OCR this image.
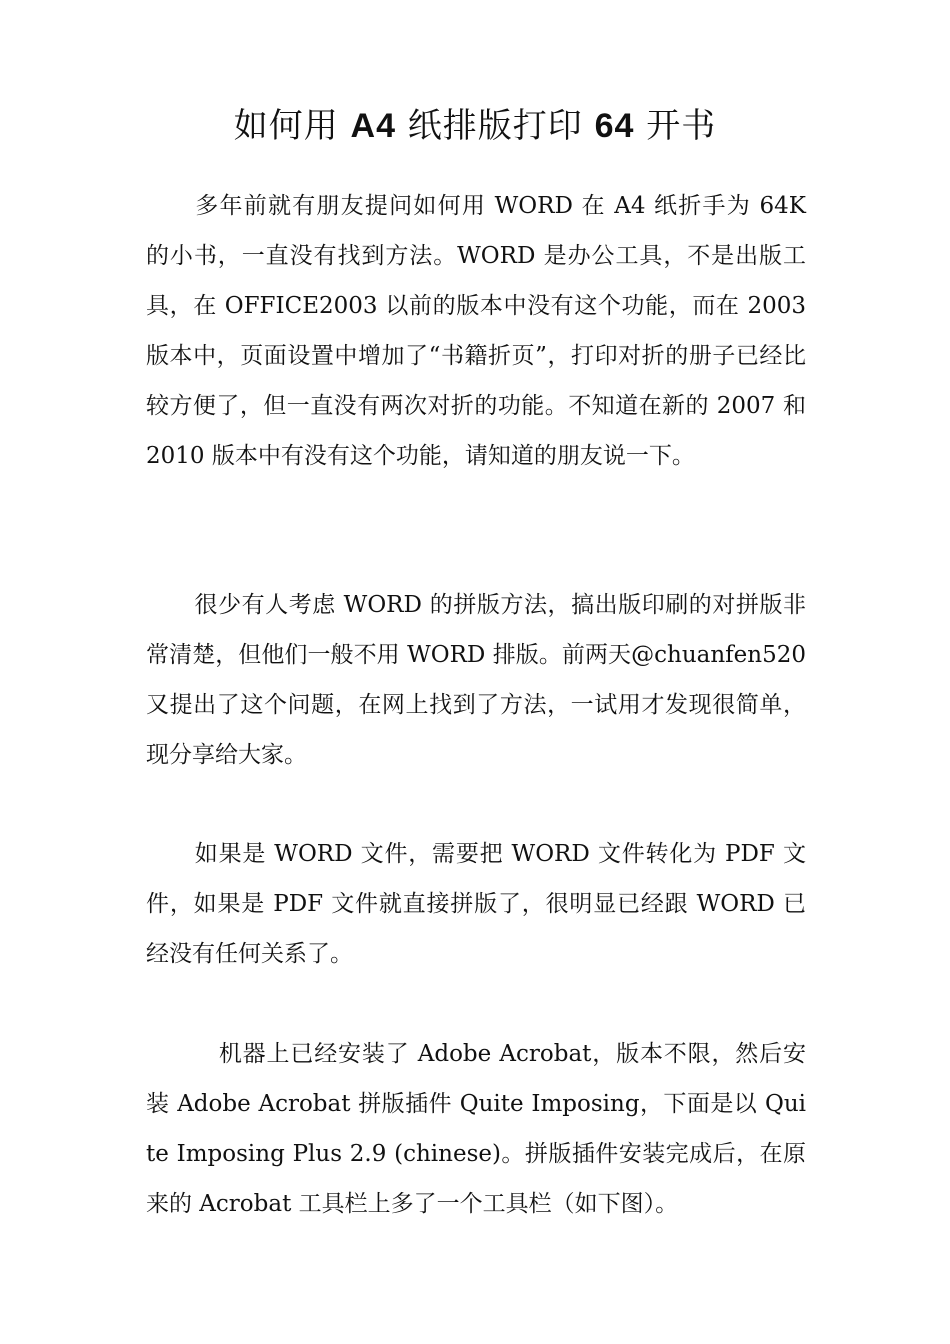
如何用 A4 纸排版打印 64 开书

多年前就有朋友提问如何用 WORD 在 A4 纸折手为 64K 的小书，一直没有找到方法。WORD 是办公工具，不是出版工具，在 OFFICE2003 以前的版本中没有这个功能，而在 2003 版本中，页面设置中增加了“书籍折页”，打印对折的册子已经比较方便了，但一直没有两次对折的功能。不知道在新的 2007 和 2010 版本中有没有这个功能，请知道的朋友说一下。

很少有人考虑 WORD 的拼版方法，搞出版印刷的对拼版非常清楚，但他们一般不用 WORD 排版。前两天@chuanfen520 又提出了这个问题，在网上找到了方法，一试用才发现很简单，现分享给大家。

如果是 WORD 文件，需要把 WORD 文件转化为 PDF 文件，如果是 PDF 文件就直接拼版了，很明显已经跟 WORD 已经没有任何关系了。

机器上已经安装了 Adobe Acrobat，版本不限，然后安装 Adobe Acrobat 拼版插件 Quite Imposing，下面是以 Quite Imposing Plus 2.9 (chinese)。拼版插件安装完成后，在原来的 Acrobat 工具栏上多了一个工具栏（如下图）。
